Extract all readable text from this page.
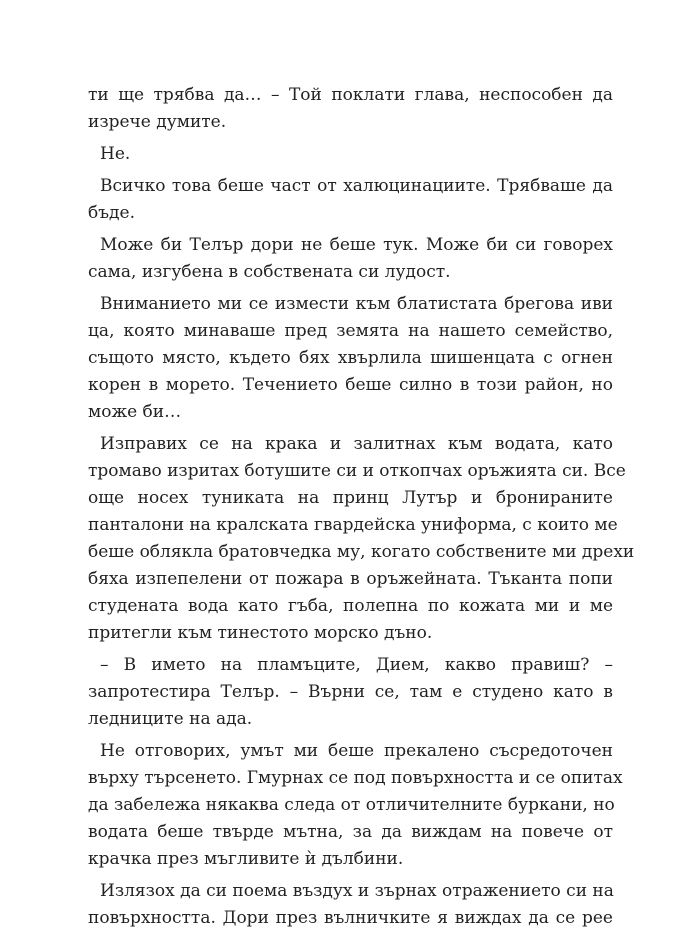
ти ще трябва да… – Той поклати глава, неспособен да
изрече думите.
Не.
Всичко това беше част от халюцинациите. Трябваше да
бъде.
Може би Телър дори не беше тук. Може би си говорех
сама, изгубена в собствената си лудост.
Вниманието ми се измести към блатистата брегова иви
ца, която минаваше пред земята на нашето семейство,
същото място, където бях хвърлила шишенцата с огнен
корен в морето. Течението беше силно в този район, но
може би…
Изправих се на крака и залитнах към водата, като
тромаво изритах ботушите си и откопчах оръжията си. Все
още носех туниката на принц Лутър и бронираните
панталони на кралската гвардейска униформа, с които ме
беше облякла братовчедка му, когато собствените ми дрехи
бяха изпепелени от пожара в оръжейната. Тъканта попи
студената вода като гъба, полепна по кожата ми и ме
притегли към тинестото морско дъно.
– В името на пламъците, Дием, какво правиш? –
запротестира Телър. – Върни се, там е студено като в
ледниците на ада.
Не отговорих, умът ми беше прекалено съсредоточен
върху търсенето. Гмурнах се под повърхността и се опитах
да забележа някаква следа от отличителните буркани, но
водата беше твърде мътна, за да виждам на повече от
крачка през мъгливите ѝ дълбини.
Излязох да си поема въздух и зърнах отражението си на
повърхността. Дори през вълничките я виждах да се рее
